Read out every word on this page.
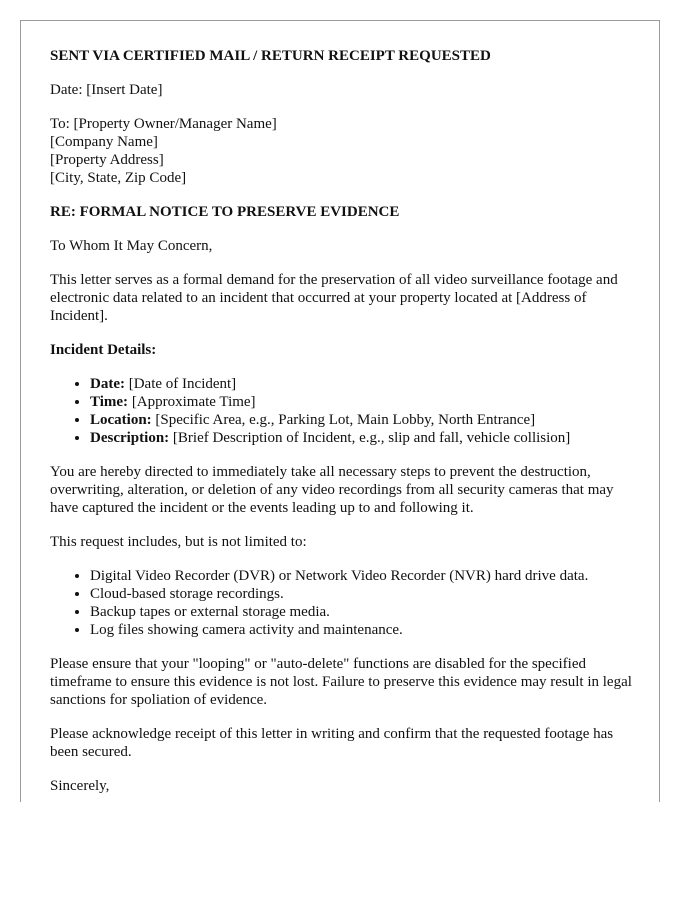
SENT VIA CERTIFIED MAIL / RETURN RECEIPT REQUESTED

Date: [Insert Date]

To: [Property Owner/Manager Name]
[Company Name]
[Property Address]
[City, State, Zip Code]

RE: FORMAL NOTICE TO PRESERVE EVIDENCE

To Whom It May Concern,

This letter serves as a formal demand for the preservation of all video surveillance footage and electronic data related to an incident that occurred at your property located at [Address of Incident].

Incident Details:

• Date: [Date of Incident]
• Time: [Approximate Time]
• Location: [Specific Area, e.g., Parking Lot, Main Lobby, North Entrance]
• Description: [Brief Description of Incident, e.g., slip and fall, vehicle collision]

You are hereby directed to immediately take all necessary steps to prevent the destruction, overwriting, alteration, or deletion of any video recordings from all security cameras that may have captured the incident or the events leading up to and following it.

This request includes, but is not limited to:

• Digital Video Recorder (DVR) or Network Video Recorder (NVR) hard drive data.
• Cloud-based storage recordings.
• Backup tapes or external storage media.
• Log files showing camera activity and maintenance.

Please ensure that your "looping" or "auto-delete" functions are disabled for the specified timeframe to ensure this evidence is not lost. Failure to preserve this evidence may result in legal sanctions for spoliation of evidence.

Please acknowledge receipt of this letter in writing and confirm that the requested footage has been secured.

Sincerely,
